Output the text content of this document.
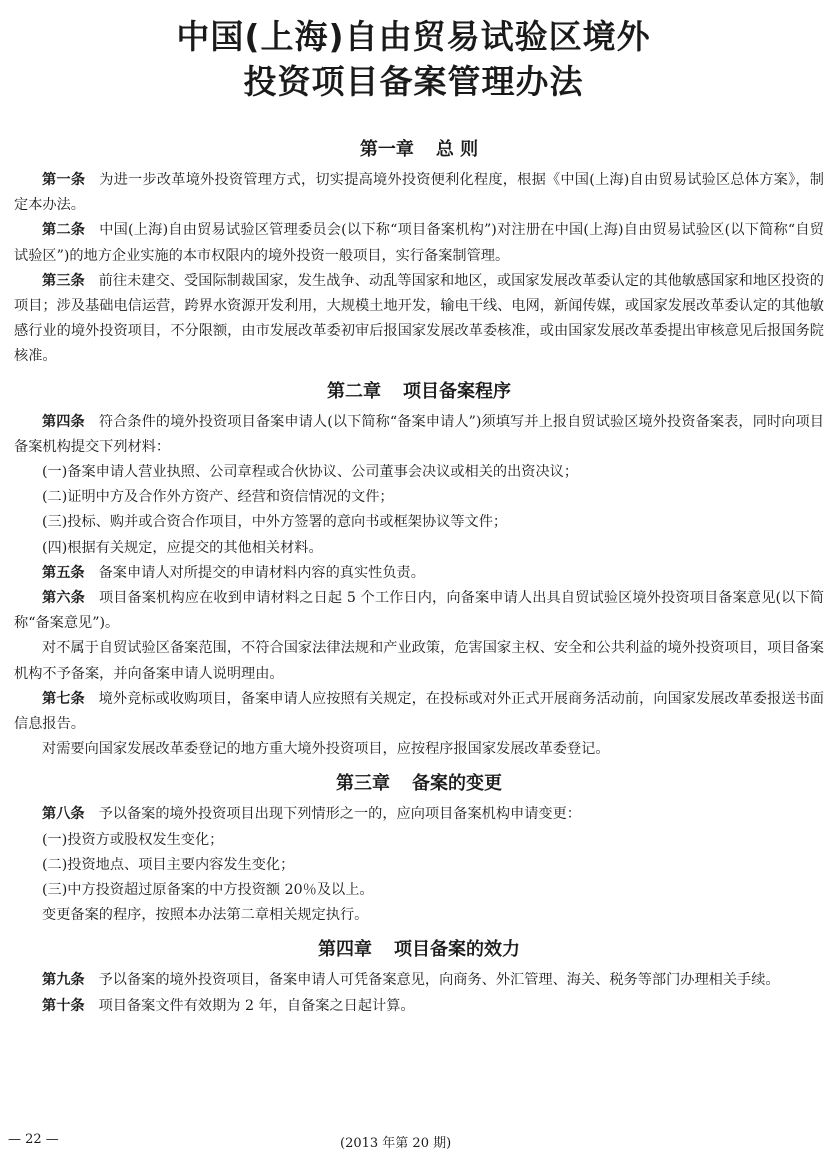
中国(上海)自由贸易试验区境外
投资项目备案管理办法
第一章 总 则

第一条 为进一步改革境外投资管理方式，切实提高境外投资便利化程度，根据《中国(上海)自由贸易试验区总体方案》，制定本办法。

第二条 中国(上海)自由贸易试验区管理委员会(以下称“项目备案机构”)对注册在中国(上海)自由贸易试验区(以下简称“自贸试验区”)的地方企业实施的本市权限内的境外投资一般项目，实行备案制管理。

第三条 前往未建交、受国际制裁国家，发生战争、动乱等国家和地区，或国家发展改革委认定的其他敏感国家和地区投资的项目；涉及基础电信运营，跨界水资源开发利用，大规模土地开发，输电干线、电网，新闻传媒，或国家发展改革委认定的其他敏感行业的境外投资项目，不分限额，由市发展改革委初审后报国家发展改革委核准，或由国家发展改革委提出审核意见后报国务院核准。

第二章 项目备案程序

第四条 符合条件的境外投资项目备案申请人(以下简称“备案申请人”)须填写并上报自贸试验区境外投资备案表，同时向项目备案机构提交下列材料：

(一)备案申请人营业执照、公司章程或合伙协议、公司董事会决议或相关的出资决议；

(二)证明中方及合作外方资产、经营和资信情况的文件；

(三)投标、购并或合资合作项目，中外方签署的意向书或框架协议等文件；

(四)根据有关规定，应提交的其他相关材料。

第五条 备案申请人对所提交的申请材料内容的真实性负责。

第六条 项目备案机构应在收到申请材料之日起 5 个工作日内，向备案申请人出具自贸试验区境外投资项目备案意见(以下简称“备案意见”)。

对不属于自贸试验区备案范围，不符合国家法律法规和产业政策，危害国家主权、安全和公共利益的境外投资项目，项目备案机构不予备案，并向备案申请人说明理由。

第七条 境外竞标或收购项目，备案申请人应按照有关规定，在投标或对外正式开展商务活动前，向国家发展改革委报送书面信息报告。

对需要向国家发展改革委登记的地方重大境外投资项目，应按程序报国家发展改革委登记。

第三章 备案的变更

第八条 予以备案的境外投资项目出现下列情形之一的，应向项目备案机构申请变更：

(一)投资方或股权发生变化；

(二)投资地点、项目主要内容发生变化；

(三)中方投资超过原备案的中方投资额 20％及以上。

变更备案的程序，按照本办法第二章相关规定执行。

第四章 项目备案的效力

第九条 予以备案的境外投资项目，备案申请人可凭备案意见，向商务、外汇管理、海关、税务等部门办理相关手续。

第十条 项目备案文件有效期为 2 年，自备案之日起计算。

— 22 —	(2013 年第 20 期)
